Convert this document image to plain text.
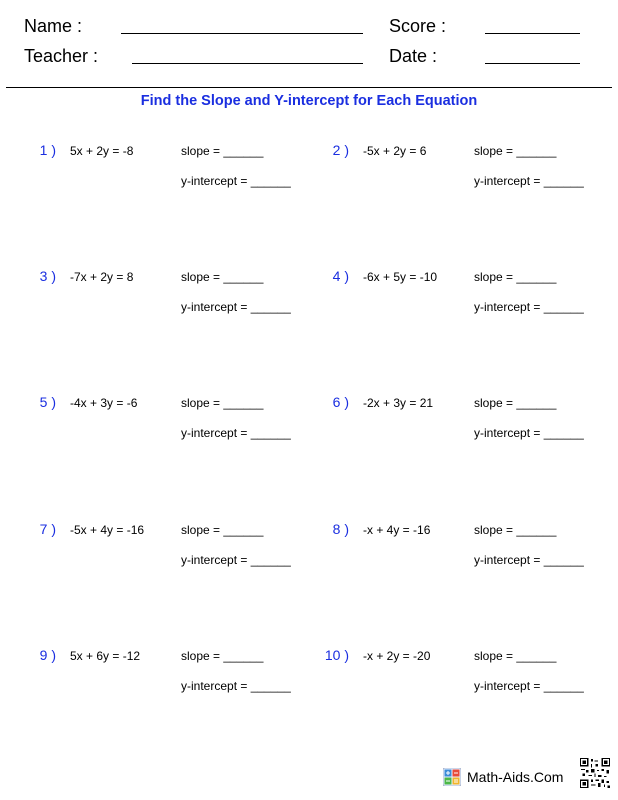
Name :
Teacher :
Score :
Date :
Find the Slope and Y-intercept for Each Equation
1 ) 5x + 2y = -8	slope = ______
y-intercept = ______
2 ) -5x + 2y = 6	slope = ______
y-intercept = ______
3 ) -7x + 2y = 8	slope = ______
y-intercept = ______
4 ) -6x + 5y = -10	slope = ______
y-intercept = ______
5 ) -4x + 3y = -6	slope = ______
y-intercept = ______
6 ) -2x + 3y = 21	slope = ______
y-intercept = ______
7 ) -5x + 4y = -16	slope = ______
y-intercept = ______
8 ) -x + 4y = -16	slope = ______
y-intercept = ______
9 ) 5x + 6y = -12	slope = ______
y-intercept = ______
10 ) -x + 2y = -20	slope = ______
y-intercept = ______
Math-Aids.Com
